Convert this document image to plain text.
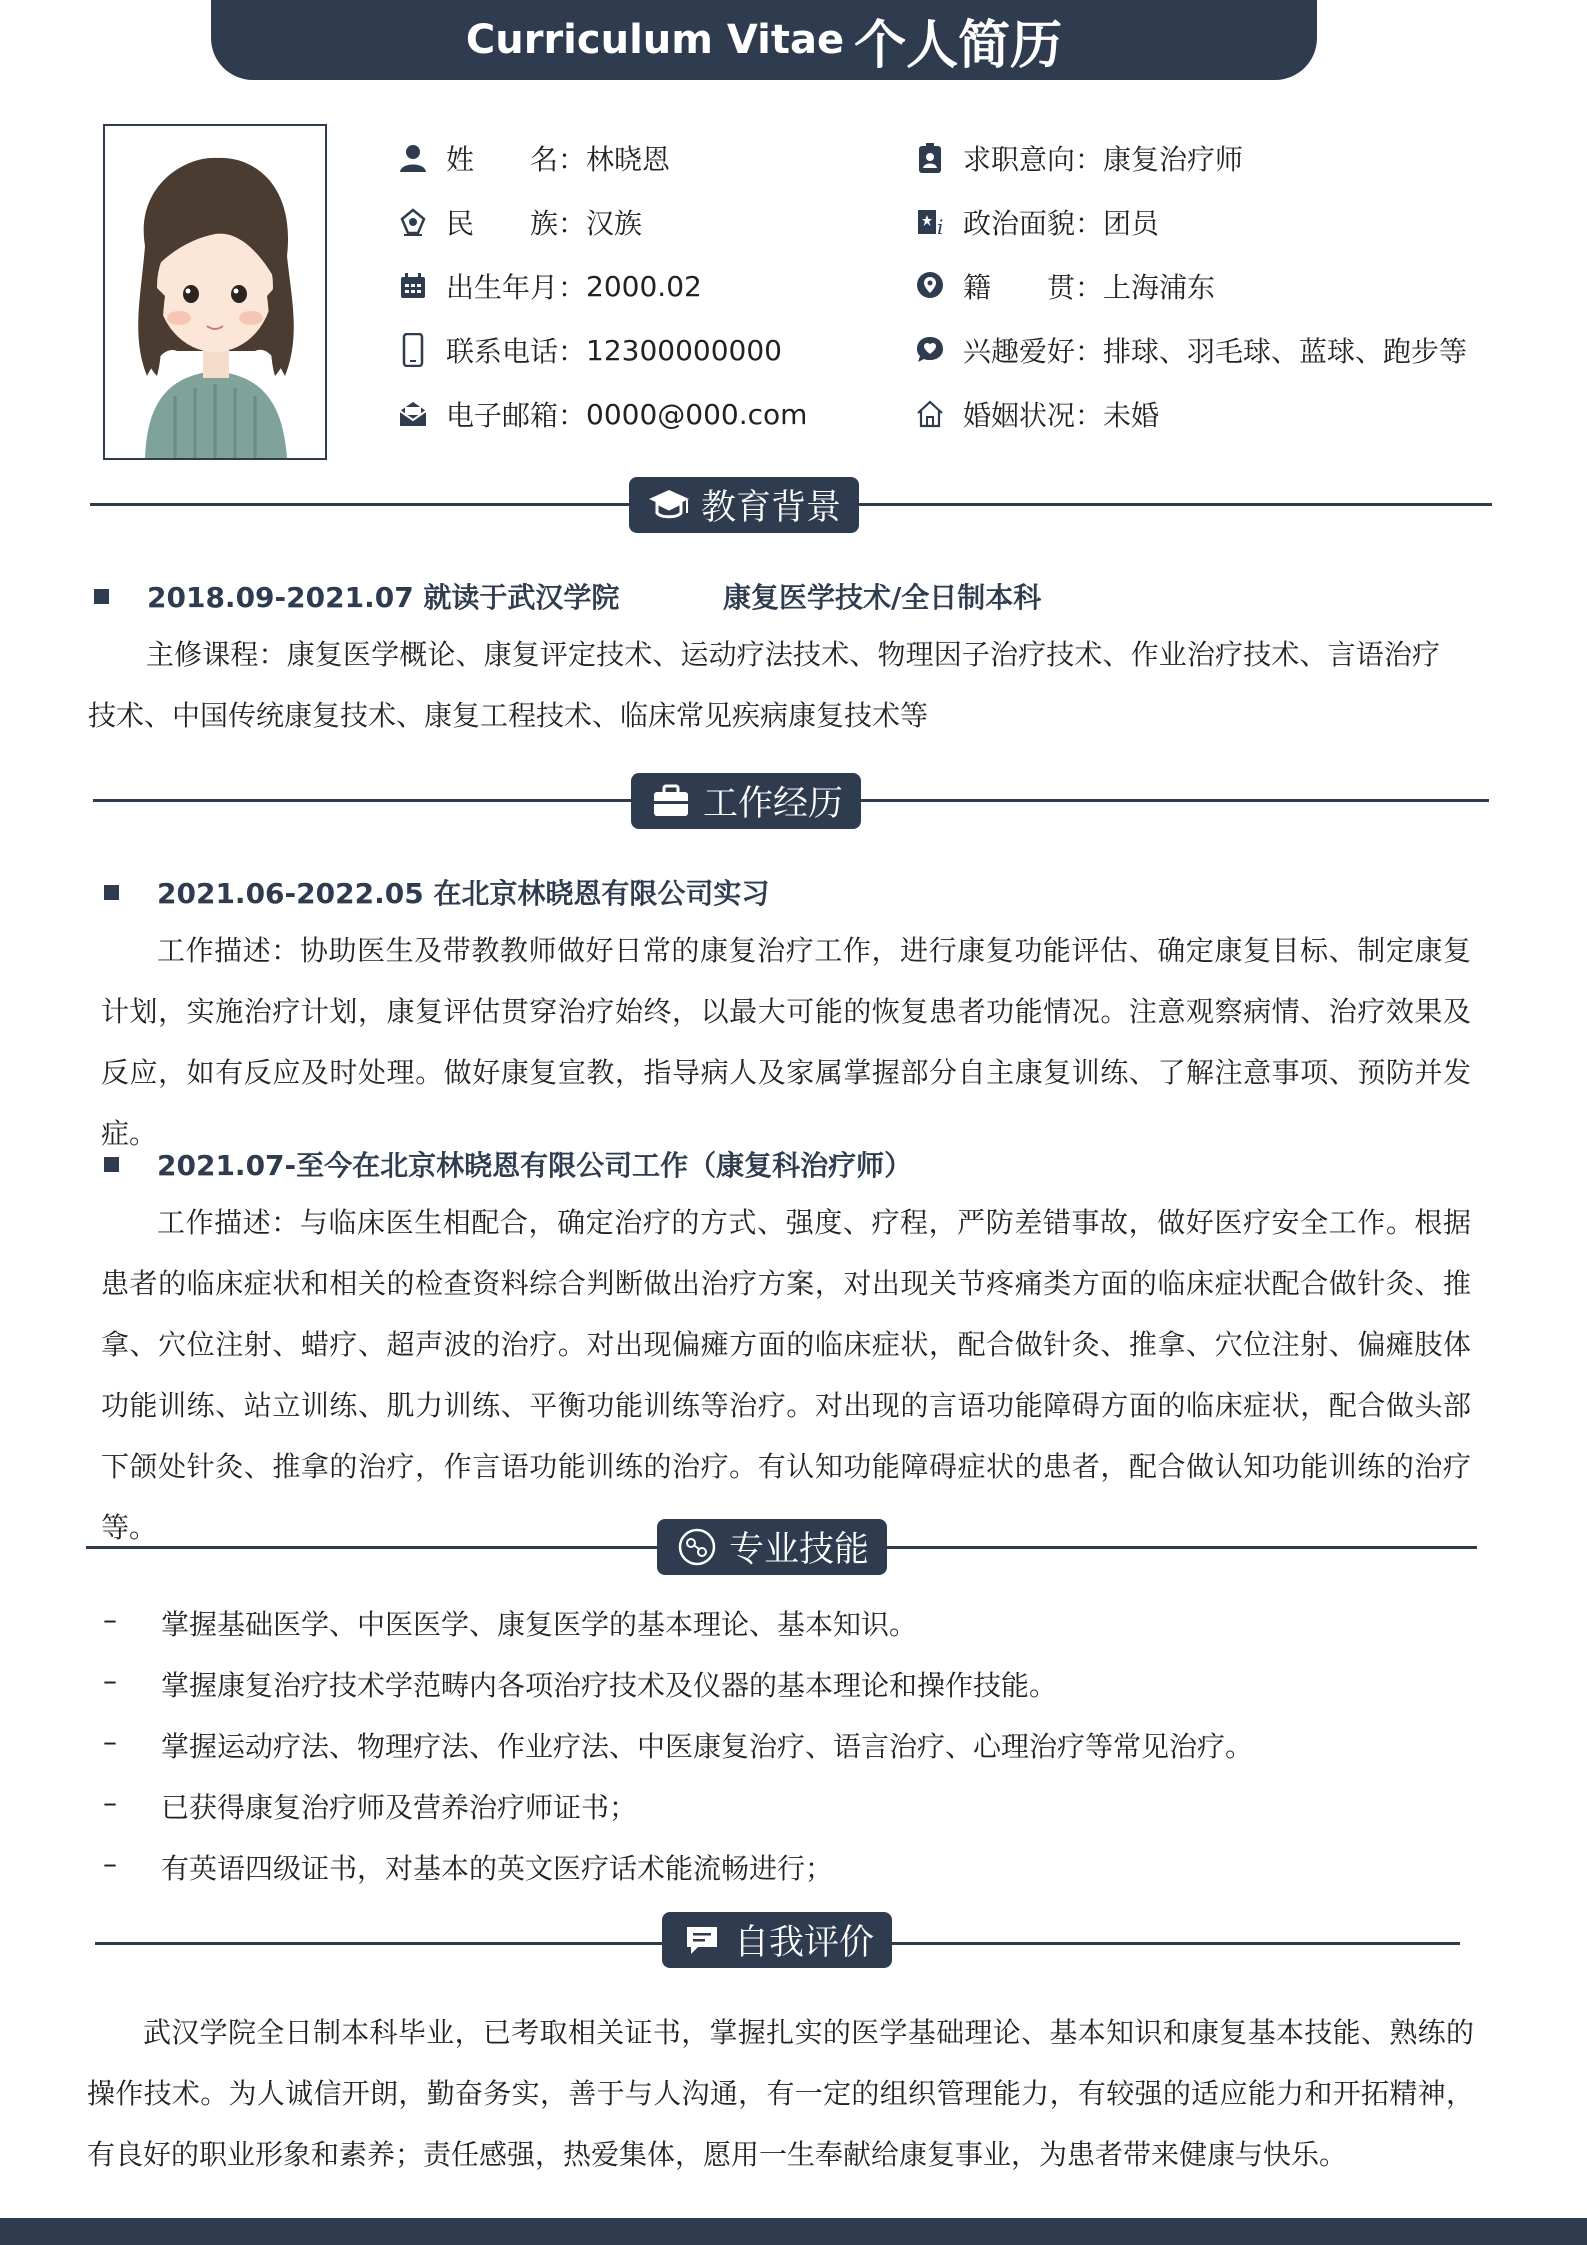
Curriculum Vitae 个人简历
姓　　名 ： 林晓恩
民　　族 ： 汉族
出生年月 ： 2000.02
联系电话 ： 12300000000
电子邮箱 ： 0000@000.com
求职意向 ： 康复治疗师
i 政治面貌 ： 团员
籍　　贯 ： 上海浦东
兴趣爱好 ： 排球、羽毛球、蓝球、跑步等
婚姻状况 ： 未婚
教育背景
2018.09-2021.07 就读于武汉学院	康复医学技术/全日制本科

主修课程：康复医学概论、康复评定技术、运动疗法技术、物理因子治疗技术、作业治疗技术、言语治疗技术、中国传统康复技术、康复工程技术、临床常见疾病康复技术等

工作经历
2021.06-2022.05 在北京林晓恩有限公司实习

工作描述：协助医生及带教教师做好日常的康复治疗工作，进行康复功能评估、确定康复目标、制定康复计划，实施治疗计划，康复评估贯穿治疗始终，以最大可能的恢复患者功能情况。注意观察病情、治疗效果及反应，如有反应及时处理。做好康复宣教，指导病人及家属掌握部分自主康复训练、了解注意事项、预防并发症。

2021.07-至今在北京林晓恩有限公司工作（康复科治疗师）

工作描述：与临床医生相配合，确定治疗的方式、强度、疗程，严防差错事故，做好医疗安全工作。根据患者的临床症状和相关的检查资料综合判断做出治疗方案，对出现关节疼痛类方面的临床症状配合做针灸、推拿、穴位注射、蜡疗、超声波的治疗。对出现偏瘫方面的临床症状，配合做针灸、推拿、穴位注射、偏瘫肢体功能训练、站立训练、肌力训练、平衡功能训练等治疗。对出现的言语功能障碍方面的临床症状，配合做头部下颌处针灸、推拿的治疗，作言语功能训练的治疗。有认知功能障碍症状的患者，配合做认知功能训练的治疗等。

专业技能
–	掌握基础医学、中医医学、康复医学的基本理论、基本知识。
–	掌握康复治疗技术学范畴内各项治疗技术及仪器的基本理论和操作技能。
–	掌握运动疗法、物理疗法、作业疗法、中医康复治疗、语言治疗、心理治疗等常见治疗。
–	已获得康复治疗师及营养治疗师证书；
–	有英语四级证书，对基本的英文医疗话术能流畅进行；
自我评价

武汉学院全日制本科毕业，已考取相关证书，掌握扎实的医学基础理论、基本知识和康复基本技能、熟练的操作技术。为人诚信开朗，勤奋务实，善于与人沟通，有一定的组织管理能力，有较强的适应能力和开拓精神，有良好的职业形象和素养；责任感强，热爱集体，愿用一生奉献给康复事业，为患者带来健康与快乐。
